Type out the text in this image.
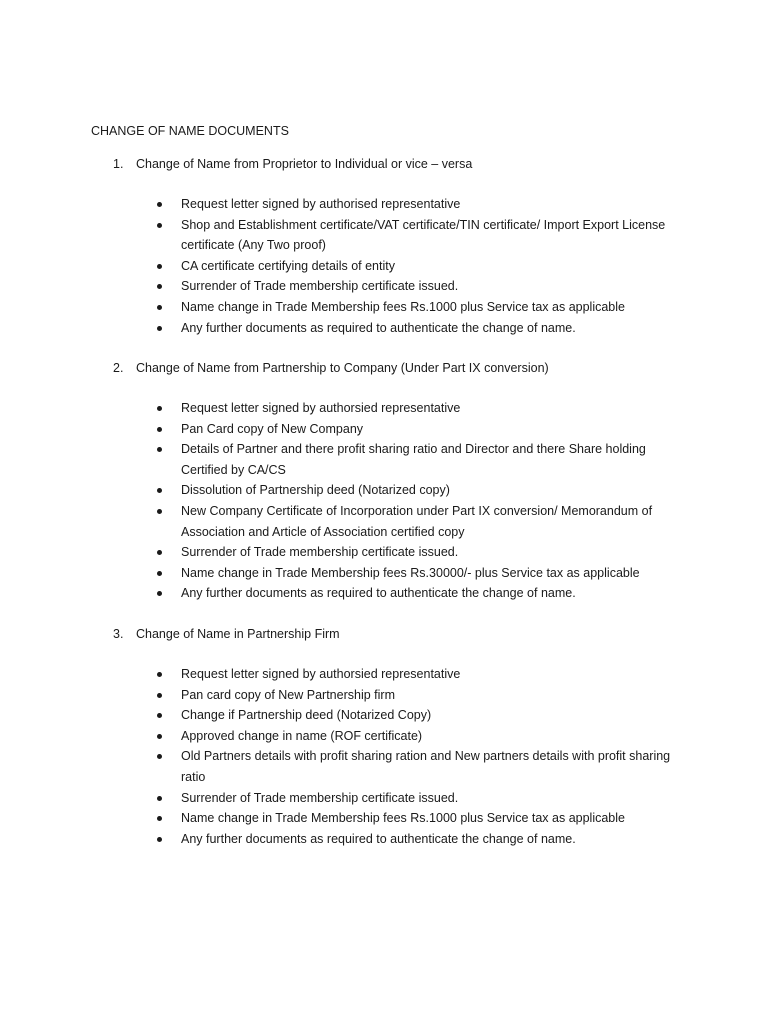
CHANGE OF NAME DOCUMENTS
1. Change of Name from Proprietor to Individual or vice – versa
Request letter signed by authorised representative
Shop and Establishment certificate/VAT certificate/TIN certificate/ Import Export License certificate (Any Two proof)
CA certificate certifying details of entity
Surrender of Trade membership certificate issued.
Name change in Trade Membership fees Rs.1000 plus Service tax as applicable
Any further documents as required to authenticate the change of name.
2. Change of Name from Partnership to Company (Under Part IX conversion)
Request letter signed by authorsied representative
Pan Card copy of New Company
Details of Partner and there profit sharing ratio and Director and there Share holding Certified by CA/CS
Dissolution of Partnership deed (Notarized copy)
New Company Certificate of Incorporation under Part IX conversion/ Memorandum of Association and Article of Association certified copy
Surrender of Trade membership certificate issued.
Name change in Trade Membership fees Rs.30000/- plus Service tax as applicable
Any further documents as required to authenticate the change of name.
3. Change of Name in Partnership Firm
Request letter signed by authorsied representative
Pan card copy of New Partnership firm
Change if Partnership deed (Notarized Copy)
Approved change in name (ROF certificate)
Old Partners details with profit sharing ration and New partners details with profit sharing ratio
Surrender of Trade membership certificate issued.
Name change in Trade Membership fees Rs.1000 plus Service tax as applicable
Any further documents as required to authenticate the change of name.
